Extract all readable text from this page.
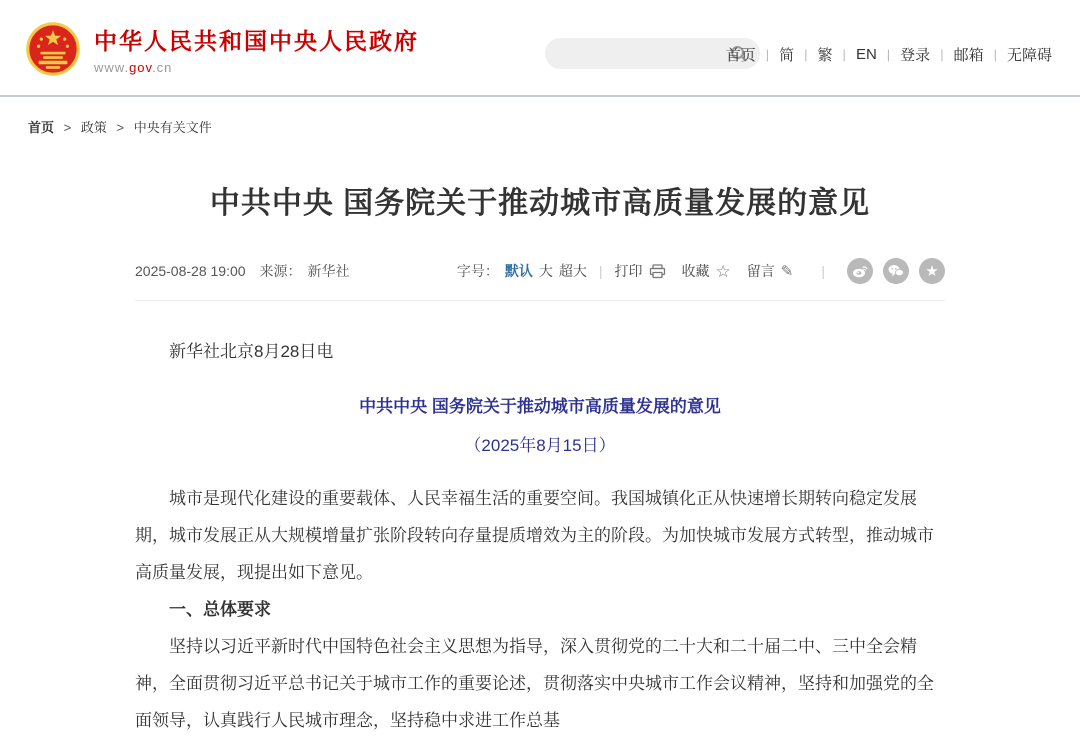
中华人民共和国中央人民政府
www.gov.cn
首页 | 简 | 繁 | EN | 登录 | 邮箱 | 无障碍
首页 > 政策 > 中央有关文件
中共中央 国务院关于推动城市高质量发展的意见
2025-08-28 19:00 来源： 新华社	字号： 默认 大 超大 | 打印	收藏 ☆ 留言 ✎ |	★

新华社北京8月28日电

中共中央 国务院关于推动城市高质量发展的意见

（2025年8月15日）

城市是现代化建设的重要载体、人民幸福生活的重要空间。我国城镇化正从快速增长期转向稳定发展期，城市发展正从大规模增量扩张阶段转向存量提质增效为主的阶段。为加快城市发展方式转型，推动城市高质量发展，现提出如下意见。

一、总体要求

坚持以习近平新时代中国特色社会主义思想为指导，深入贯彻党的二十大和二十届二中、三中全会精神，全面贯彻习近平总书记关于城市工作的重要论述，贯彻落实中央城市工作会议精神，坚持和加强党的全面领导，认真践行人民城市理念，坚持稳中求进工作总基
